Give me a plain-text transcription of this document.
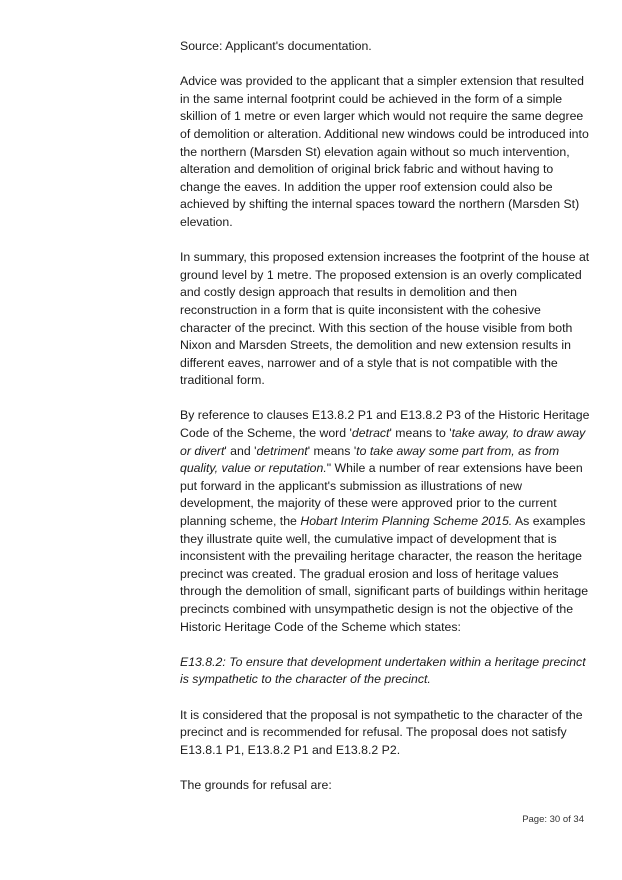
Source: Applicant's documentation.

Advice was provided to the applicant that a simpler extension that resulted in the same internal footprint could be achieved in the form of a simple skillion of 1 metre or even larger which would not require the same degree of demolition or alteration. Additional new windows could be introduced into the northern (Marsden St) elevation again without so much intervention, alteration and demolition of original brick fabric and without having to change the eaves. In addition the upper roof extension could also be achieved by shifting the internal spaces toward the northern (Marsden St) elevation.

In summary, this proposed extension increases the footprint of the house at ground level by 1 metre. The proposed extension is an overly complicated and costly design approach that results in demolition and then reconstruction in a form that is quite inconsistent with the cohesive character of the precinct. With this section of the house visible from both Nixon and Marsden Streets, the demolition and new extension results in different eaves, narrower and of a style that is not compatible with the traditional form.

By reference to clauses E13.8.2 P1 and E13.8.2 P3 of the Historic Heritage Code of the Scheme, the word 'detract' means to 'take away, to draw away or divert' and 'detriment' means 'to take away some part from, as from quality, value or reputation." While a number of rear extensions have been put forward in the applicant's submission as illustrations of new development, the majority of these were approved prior to the current planning scheme, the Hobart Interim Planning Scheme 2015. As examples they illustrate quite well, the cumulative impact of development that is inconsistent with the prevailing heritage character, the reason the heritage precinct was created. The gradual erosion and loss of heritage values through the demolition of small, significant parts of buildings within heritage precincts combined with unsympathetic design is not the objective of the Historic Heritage Code of the Scheme which states:

E13.8.2: To ensure that development undertaken within a heritage precinct is sympathetic to the character of the precinct.

It is considered that the proposal is not sympathetic to the character of the precinct and is recommended for refusal. The proposal does not satisfy E13.8.1 P1, E13.8.2 P1 and E13.8.2 P2.

The grounds for refusal are:

Page: 30 of 34
